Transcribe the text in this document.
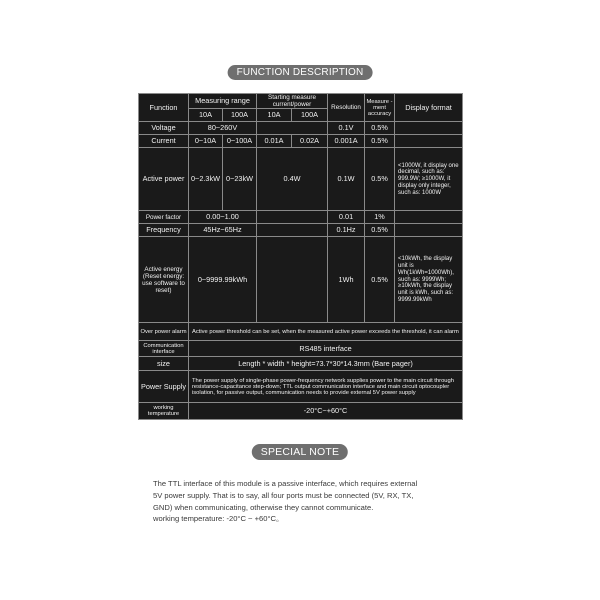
FUNCTION DESCRIPTION
Function	Measuring range		Starting measure current/power		Resolution	Measure -ment accuracy	Display format
	10A	100A	10A	100A			
Voltage	80~260V				0.1V	0.5%	
Current	0~10A	0~100A	0.01A	0.02A	0.001A	0.5%	
Active power	0~2.3kW	0~23kW	0.4W		0.1W	0.5%	<1000W, it display one decimal, such as: 999.9W; ≥1000W, it display only integer, such as: 1000W
Power factor	0.00~1.00				0.01	1%	
Frequency	45Hz~65Hz				0.1Hz	0.5%	
Active energy (Reset energy: use software to reset)	0~9999.99kWh				1Wh	0.5%	<10kWh, the display unit is Wh(1kWh=1000Wh), such as: 9999Wh; ≥10kWh, the display unit is kWh, such as: 9999.99kWh
Over power alarm	Active power threshold can be set, when the measured active power exceeds the threshold, it can alarm						
Communication interface	RS485 interface						
size	Length * width * height=73.7*30*14.3mm (Bare pager)						
Power Supply	The power supply of single-phase power-frequency network supplies power to the main circuit through resistance-capacitance step-down; TTL output communication interface and main circuit optocoupler isolation, for passive output, communication needs to provide external 5V power supply						
working temperature	-20°C~+60°C						
SPECIAL NOTE
The TTL interface of this module is a passive interface, which requires external
5V power supply. That is to say, all four ports must be connected (5V, RX, TX,
GND) when communicating, otherwise they cannot communicate.
working temperature: -20°C ~ +60°C。
